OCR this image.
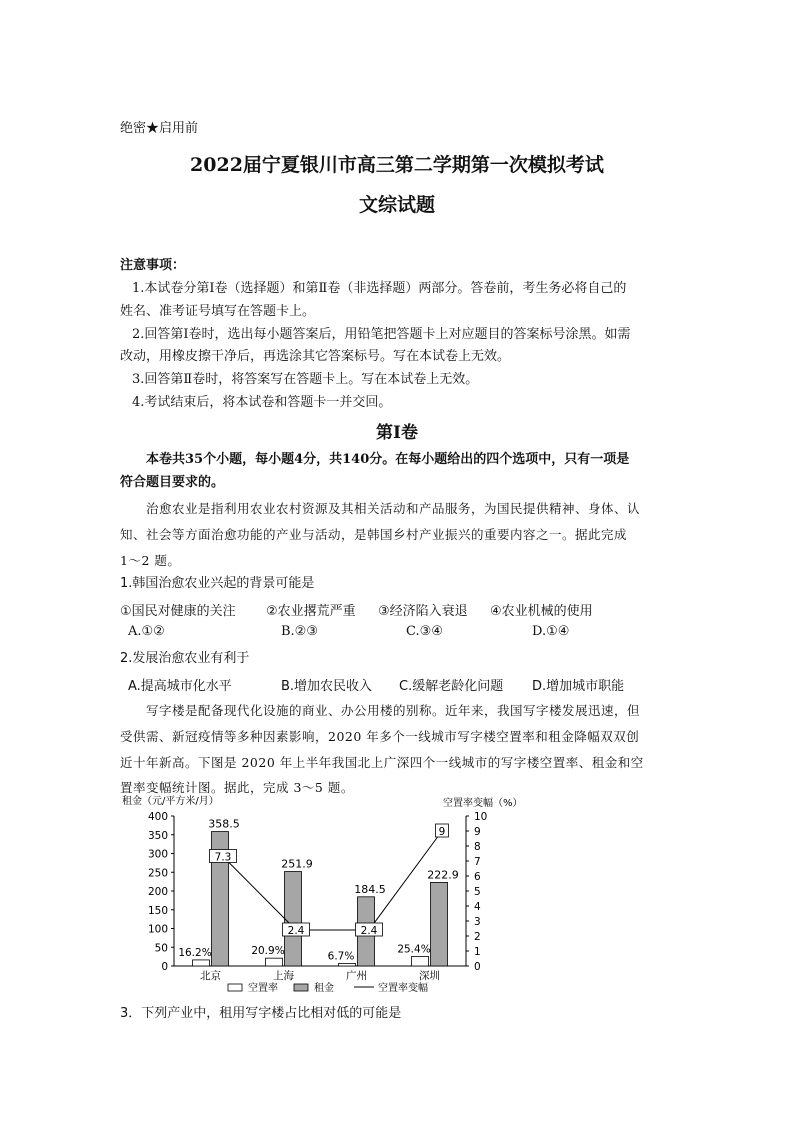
绝密★启用前
2022届宁夏银川市高三第二学期第一次模拟考试
文综试题
注意事项：
1.本试卷分第Ⅰ卷（选择题）和第Ⅱ卷（非选择题）两部分。答卷前，考生务必将自己的
姓名、准考证号填写在答题卡上。
2.回答第Ⅰ卷时，选出每小题答案后，用铅笔把答题卡上对应题目的答案标号涂黑。如需
改动，用橡皮擦干净后，再选涂其它答案标号。写在本试卷上无效。
3.回答第Ⅱ卷时，将答案写在答题卡上。写在本试卷上无效。
4.考试结束后，将本试卷和答题卡一并交回。
第Ⅰ卷
本卷共35个小题，每小题4分，共140分。在每小题给出的四个选项中，只有一项是
符合题目要求的。
治愈农业是指利用农业农村资源及其相关活动和产品服务，为国民提供精神、身体、认
知、社会等方面治愈功能的产业与活动，是韩国乡村产业振兴的重要内容之一。据此完成
1～2 题。
1.韩国治愈农业兴起的背景可能是
①国民对健康的关注 ②农业撂荒严重 ③经济陷入衰退 ④农业机械的使用
A.①②	B.②③	C.③④	D.①④
2.发展治愈农业有利于
A.提高城市化水平	B.增加农民收入 C.缓解老龄化问题 D.增加城市职能
写字楼是配备现代化设施的商业、办公用楼的别称。近年来，我国写字楼发展迅速，但
受供需、新冠疫情等多种因素影响，2020 年多个一线城市写字楼空置率和租金降幅双双创
近十年新高。下图是 2020 年上半年我国北上广深四个一线城市的写字楼空置率、租金和空
置率变幅统计图。据此，完成 3～5 题。
租金（元/平方米/月）	空置率变幅（%）
0
50
100
150
200
250
300
350
400
0
1
2
3
4
5
6
7
8
9
10
16.2%
358.5
北京
20.9%
251.9
上海
6.7%
184.5
广州
25.4%
222.9
深圳
7.3
2.4	2.4
9
空置率	租金	空置率变幅
3．下列产业中，租用写字楼占比相对低的可能是
